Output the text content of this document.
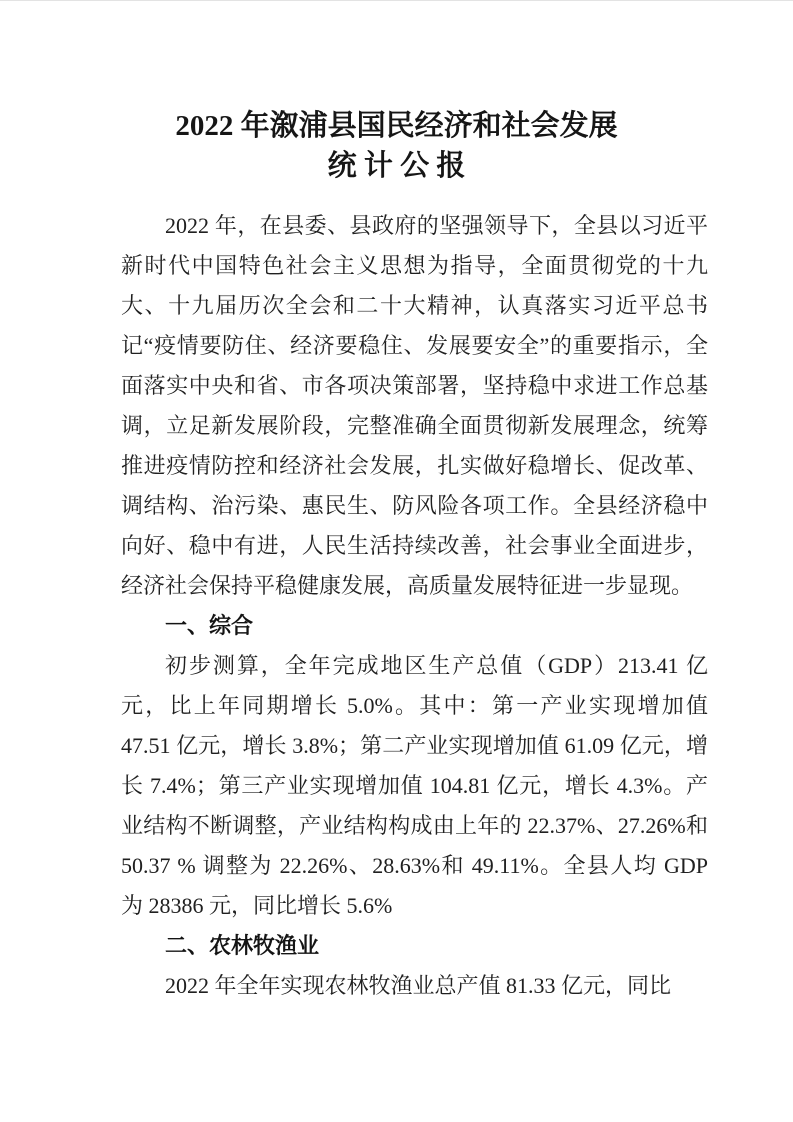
2022 年溆浦县国民经济和社会发展
统 计 公 报

2022 年，在县委、县政府的坚强领导下，全县以习近平新时代中国特色社会主义思想为指导，全面贯彻党的十九大、十九届历次全会和二十大精神，认真落实习近平总书记“疫情要防住、经济要稳住、发展要安全”的重要指示，全面落实中央和省、市各项决策部署，坚持稳中求进工作总基调，立足新发展阶段，完整准确全面贯彻新发展理念，统筹推进疫情防控和经济社会发展，扎实做好稳增长、促改革、调结构、治污染、惠民生、防风险各项工作。全县经济稳中向好、稳中有进，人民生活持续改善，社会事业全面进步，经济社会保持平稳健康发展，高质量发展特征进一步显现。

一、综合

初步测算，全年完成地区生产总值（GDP）213.41 亿元，比上年同期增长 5.0%。其中：第一产业实现增加值 47.51 亿元，增长 3.8%；第二产业实现增加值 61.09 亿元，增长 7.4%；第三产业实现增加值 104.81 亿元，增长 4.3%。产业结构不断调整，产业结构构成由上年的 22.37%、27.26%和 50.37 % 调整为 22.26%、28.63%和 49.11%。全县人均 GDP 为 28386 元，同比增长 5.6%

二、农林牧渔业

2022 年全年实现农林牧渔业总产值 81.33 亿元，同比
